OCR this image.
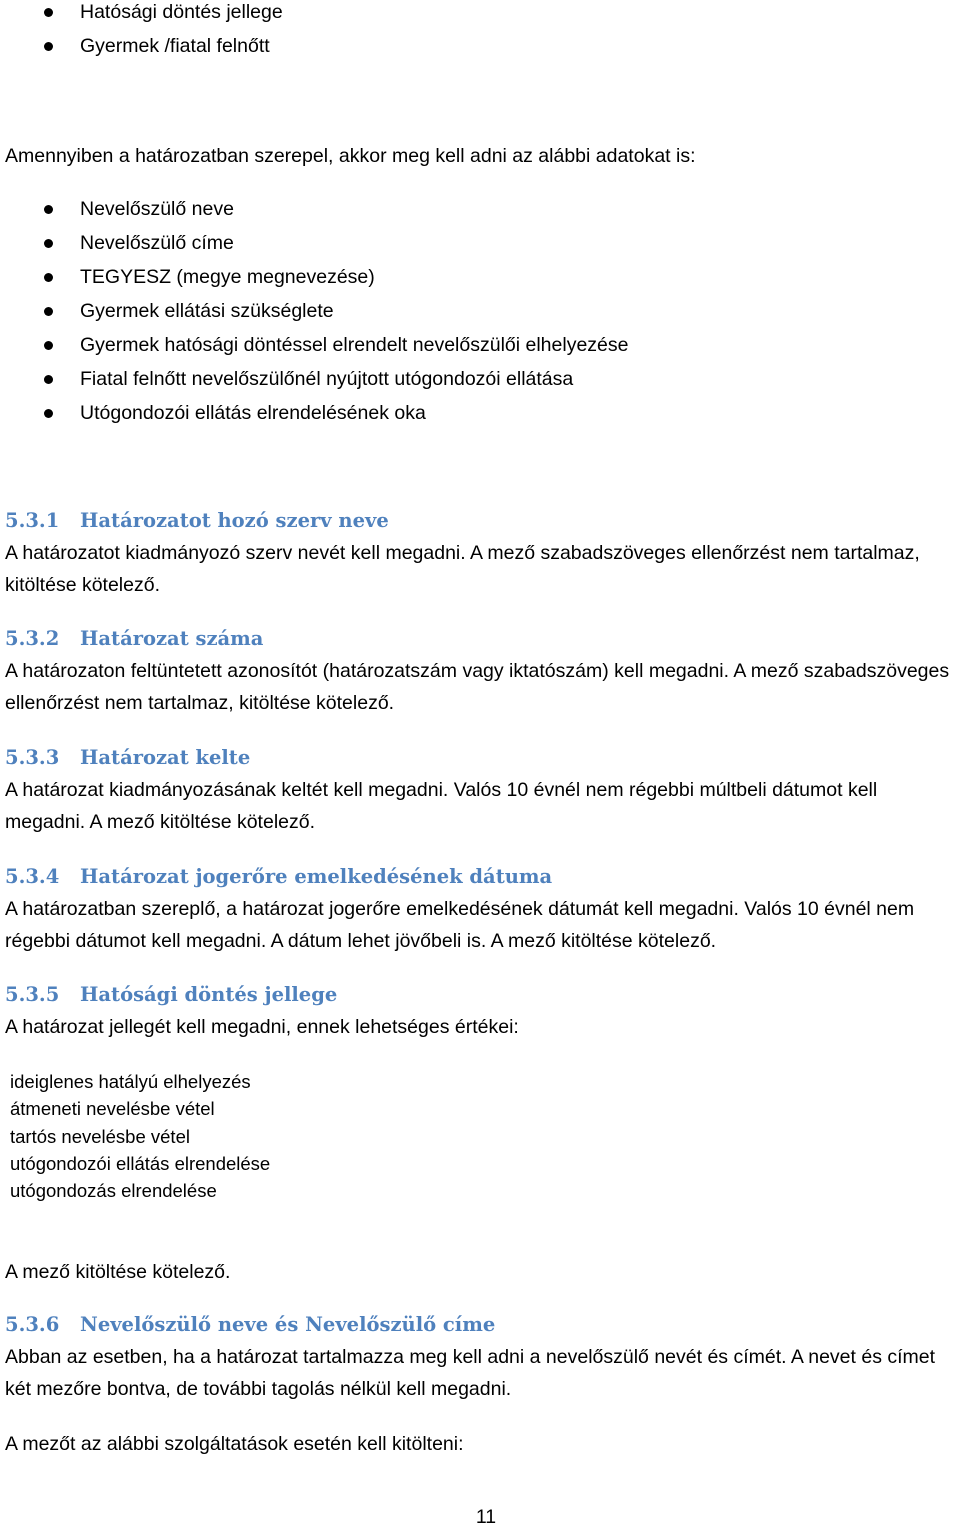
Hatósági döntés jellege
Gyermek /fiatal felnőtt

Amennyiben a határozatban szerepel, akkor meg kell adni az alábbi adatokat is:

Nevelőszülő neve
Nevelőszülő címe
TEGYESZ (megye megnevezése)
Gyermek ellátási szükséglete
Gyermek hatósági döntéssel elrendelt nevelőszülői elhelyezése
Fiatal felnőtt nevelőszülőnél nyújtott utógondozói ellátása
Utógondozói ellátás elrendelésének oka
5.3.1 Határozatot hozó szerv neve

A határozatot kiadmányozó szerv nevét kell megadni. A mező szabadszöveges ellenőrzést nem tartalmaz, kitöltése kötelező.

5.3.2 Határozat száma

A határozaton feltüntetett azonosítót (határozatszám vagy iktatószám) kell megadni. A mező szabadszöveges ellenőrzést nem tartalmaz, kitöltése kötelező.

5.3.3 Határozat kelte

A határozat kiadmányozásának keltét kell megadni. Valós 10 évnél nem régebbi múltbeli dátumot kell megadni. A mező kitöltése kötelező.

5.3.4 Határozat jogerőre emelkedésének dátuma

A határozatban szereplő, a határozat jogerőre emelkedésének dátumát kell megadni. Valós 10 évnél nem régebbi dátumot kell megadni. A dátum lehet jövőbeli is. A mező kitöltése kötelező.

5.3.5 Hatósági döntés jellege

A határozat jellegét kell megadni, ennek lehetséges értékei:

ideiglenes hatályú elhelyezés
átmeneti nevelésbe vétel
tartós nevelésbe vétel
utógondozói ellátás elrendelése
utógondozás elrendelése

A mező kitöltése kötelező.

5.3.6 Nevelőszülő neve és Nevelőszülő címe

Abban az esetben, ha a határozat tartalmazza meg kell adni a nevelőszülő nevét és címét. A nevet és címet két mezőre bontva, de további tagolás nélkül kell megadni.

A mezőt az alábbi szolgáltatások esetén kell kitölteni:

11
